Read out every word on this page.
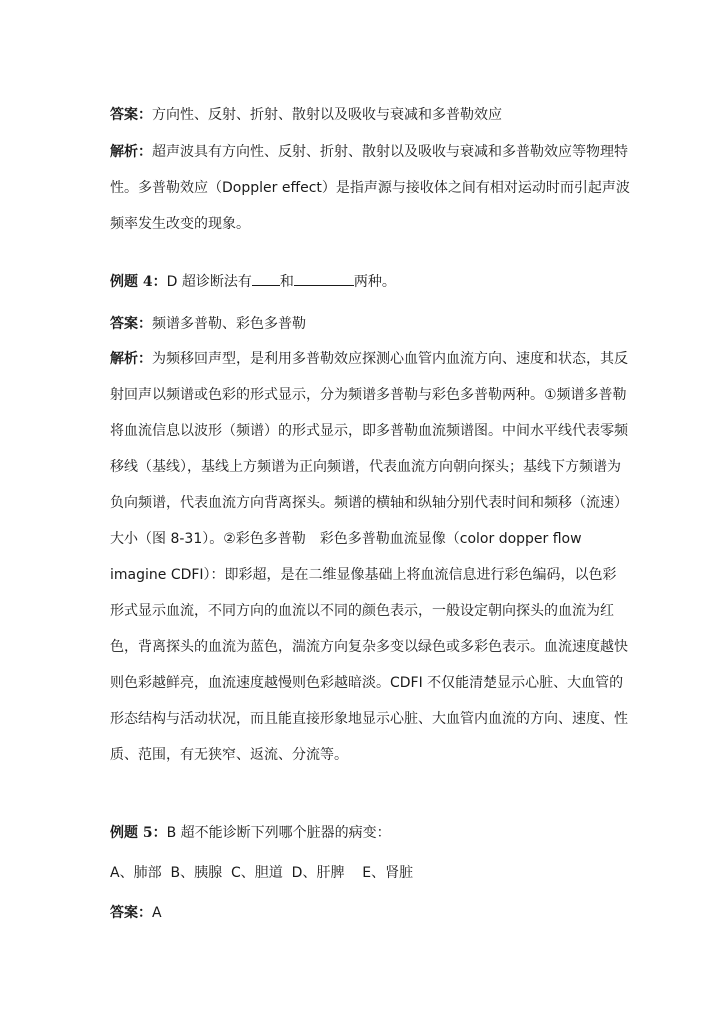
答案：方向性、反射、折射、散射以及吸收与衰减和多普勒效应

解析：超声波具有方向性、反射、折射、散射以及吸收与衰减和多普勒效应等物理特性。多普勒效应（Doppler effect）是指声源与接收体之间有相对运动时而引起声波频率发生改变的现象。

例题 4：D 超诊断法有 和	两种。

答案：频谱多普勒、彩色多普勒

解析：为频移回声型，是利用多普勒效应探测心血管内血流方向、速度和状态，其反射回声以频谱或色彩的形式显示，分为频谱多普勒与彩色多普勒两种。①频谱多普勒　将血流信息以波形（频谱）的形式显示，即多普勒血流频谱图。中间水平线代表零频移线（基线），基线上方频谱为正向频谱，代表血流方向朝向探头；基线下方频谱为负向频谱，代表血流方向背离探头。频谱的横轴和纵轴分别代表时间和频移（流速）大小（图 8-31）。②彩色多普勒　彩色多普勒血流显像（color dopper flow imagine CDFI）：即彩超，是在二维显像基础上将血流信息进行彩色编码，以色彩形式显示血流，不同方向的血流以不同的颜色表示，一般设定朝向探头的血流为红色，背离探头的血流为蓝色，湍流方向复杂多变以绿色或多彩色表示。血流速度越快则色彩越鲜亮，血流速度越慢则色彩越暗淡。CDFI 不仅能清楚显示心脏、大血管的形态结构与活动状况，而且能直接形象地显示心脏、大血管内血流的方向、速度、性质、范围，有无狭窄、返流、分流等。

例题 5：B 超不能诊断下列哪个脏器的病变：

A、肺部  B、胰腺  C、胆道  D、肝脾    E、肾脏

答案：A
